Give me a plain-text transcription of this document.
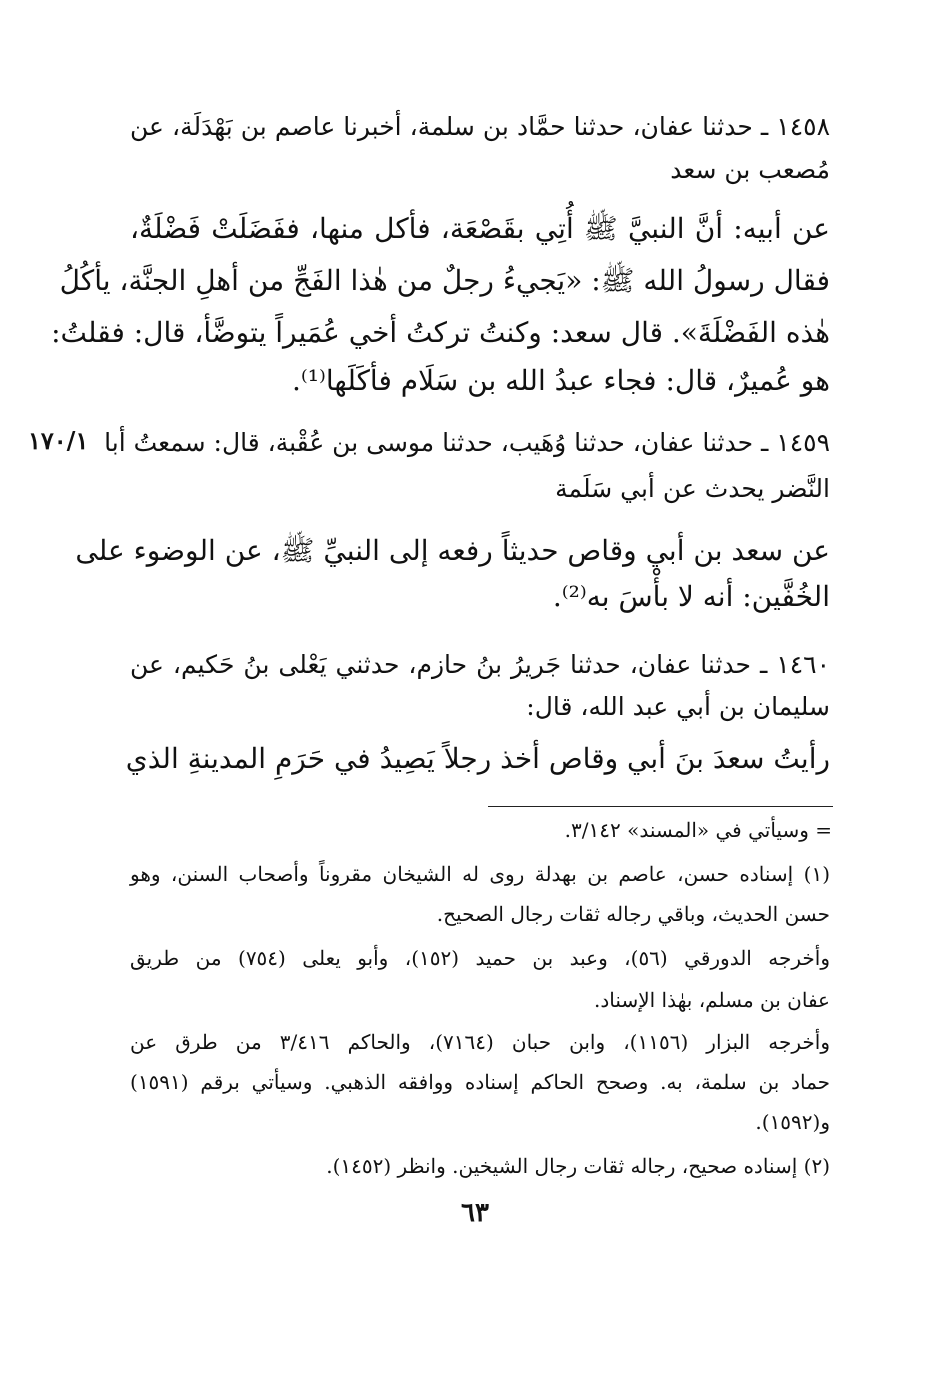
١٤٥٨ ـ حدثنا عفان، حدثنا حمَّاد بن سلمة، أخبرنا عاصم بن بَهْدَلَة، عن
مُصعب بن سعد
عن أبيه: أنَّ النبيَّ ﷺ أُتِي بقَصْعَة، فأكل منها، ففَضَلَتْ فَضْلَةٌ،
فقال رسولُ الله ﷺ: «يَجيءُ رجلٌ من هٰذا الفَجِّ من أهلِ الجنَّة، يأكُلُ
هٰذه الفَضْلَةَ». قال سعد: وكنتُ تركتُ أخي عُمَيراً يتوضَّأ، قال: فقلتُ:
هو عُميرٌ، قال: فجاء عبدُ الله بن سَلَام فأكَلَها⁽¹⁾.
١٧٠/١ ١٤٥٩ ـ حدثنا عفان، حدثنا وُهَيب، حدثنا موسى بن عُقْبة، قال: سمعتُ أبا
النَّضر يحدث عن أبي سَلَمة
عن سعد بن أبي وقاص حديثاً رفعه إلى النبيِّ ﷺ، عن الوضوء على
الخُفَّين: أنه لا بأْسَ به⁽²⁾.
١٤٦٠ ـ حدثنا عفان، حدثنا جَريرُ بنُ حازم، حدثني يَعْلى بنُ حَكيم، عن
سليمان بن أبي عبد الله، قال:
رأيتُ سعدَ بنَ أبي وقاص أخذ رجلاً يَصِيدُ في حَرَمِ المدينةِ الذي
= وسيأتي في «المسند» ٣/١٤٢.
(١) إسناده حسن، عاصم بن بهدلة روى له الشيخان مقروناً وأصحاب السنن، وهو
حسن الحديث، وباقي رجاله ثقات رجال الصحيح.
وأخرجه الدورقي (٥٦)، وعبد بن حميد (١٥٢)، وأبو يعلى (٧٥٤) من طريق
عفان بن مسلم، بهٰذا الإسناد.
وأخرجه البزار (١١٥٦)، وابن حبان (٧١٦٤)، والحاكم ٣/٤١٦ من طرق عن
حماد بن سلمة، به. وصحح الحاكم إسناده ووافقه الذهبي. وسيأتي برقم (١٥٩١)
و(١٥٩٢).
(٢) إسناده صحيح، رجاله ثقات رجال الشيخين. وانظر (١٤٥٢).
٦٣
